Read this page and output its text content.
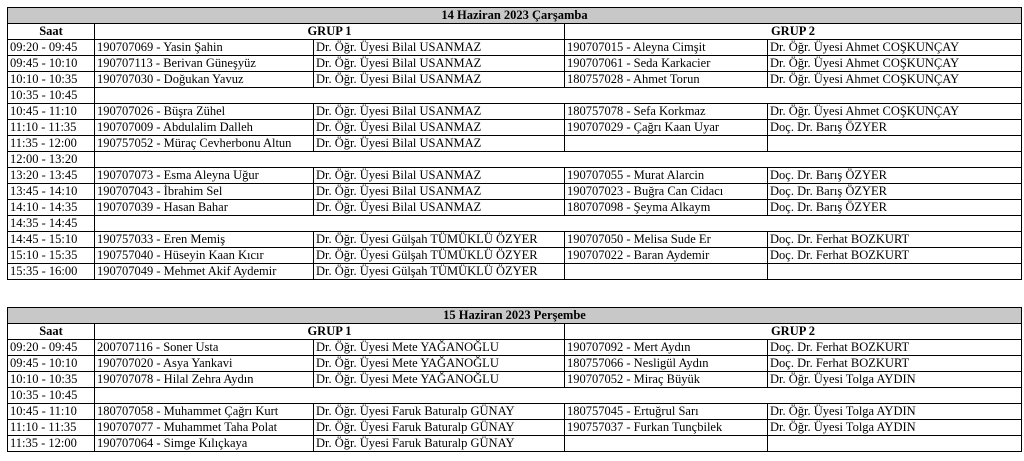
14 Haziran 2023 Çarşamba				
Saat	GRUP 1		GRUP 2	
09:20 - 09:45	190707069 - Yasin Şahin	Dr. Öğr. Üyesi Bilal USANMAZ	190707015 - Aleyna Cimşit	Dr. Öğr. Üyesi Ahmet COŞKUNÇAY
09:45 - 10:10	190707113 - Berivan Güneşyüz	Dr. Öğr. Üyesi Bilal USANMAZ	190707061 - Seda Karkacier	Dr. Öğr. Üyesi Ahmet COŞKUNÇAY
10:10 - 10:35	190707030 - Doğukan Yavuz	Dr. Öğr. Üyesi Bilal USANMAZ	180757028 - Ahmet Torun	Dr. Öğr. Üyesi Ahmet COŞKUNÇAY
10:35 - 10:45				
10:45 - 11:10	190707026 - Büşra Zühel	Dr. Öğr. Üyesi Bilal USANMAZ	180757078 - Sefa Korkmaz	Dr. Öğr. Üyesi Ahmet COŞKUNÇAY
11:10 - 11:35	190707009 - Abdulalim Dalleh	Dr. Öğr. Üyesi Bilal USANMAZ	190707029 - Çağrı Kaan Uyar	Doç. Dr. Barış ÖZYER
11:35 - 12:00	190757052 - Müraç Cevherbonu Altun	Dr. Öğr. Üyesi Bilal USANMAZ		
12:00 - 13:20				
13:20 - 13:45	190707073 - Esma Aleyna Uğur	Dr. Öğr. Üyesi Bilal USANMAZ	190707055 - Murat Alarcin	Doç. Dr. Barış ÖZYER
13:45 - 14:10	190707043 - İbrahim Sel	Dr. Öğr. Üyesi Bilal USANMAZ	190707023 - Buğra Can Cidacı	Doç. Dr. Barış ÖZYER
14:10 - 14:35	190707039 - Hasan Bahar	Dr. Öğr. Üyesi Bilal USANMAZ	180707098 - Şeyma Alkaym	Doç. Dr. Barış ÖZYER
14:35 - 14:45				
14:45 - 15:10	190757033 - Eren Memiş	Dr. Öğr. Üyesi Gülşah TÜMÜKLÜ ÖZYER	190707050 - Melisa Sude Er	Doç. Dr. Ferhat BOZKURT
15:10 - 15:35	190757040 - Hüseyin Kaan Kıcır	Dr. Öğr. Üyesi Gülşah TÜMÜKLÜ ÖZYER	190707022 - Baran Aydemir	Doç. Dr. Ferhat BOZKURT
15:35 - 16:00	190707049 - Mehmet Akif Aydemir	Dr. Öğr. Üyesi Gülşah TÜMÜKLÜ ÖZYER		
15 Haziran 2023 Perşembe				
Saat	GRUP 1		GRUP 2	
09:20 - 09:45	200707116 - Soner Usta	Dr. Öğr. Üyesi Mete YAĞANOĞLU	190707092 - Mert Aydın	Doç. Dr. Ferhat BOZKURT
09:45 - 10:10	190707020 - Asya Yankavi	Dr. Öğr. Üyesi Mete YAĞANOĞLU	180757066 - Nesligül Aydın	Doç. Dr. Ferhat BOZKURT
10:10 - 10:35	190707078 - Hilal Zehra Aydın	Dr. Öğr. Üyesi Mete YAĞANOĞLU	190707052 - Miraç Büyük	Dr. Öğr. Üyesi Tolga AYDIN
10:35 - 10:45				
10:45 - 11:10	180707058 - Muhammet Çağrı Kurt	Dr. Öğr. Üyesi Faruk Baturalp GÜNAY	180757045 - Ertuğrul Sarı	Dr. Öğr. Üyesi Tolga AYDIN
11:10 - 11:35	190707077 - Muhammet Taha Polat	Dr. Öğr. Üyesi Faruk Baturalp GÜNAY	190757037 - Furkan Tunçbilek	Dr. Öğr. Üyesi Tolga AYDIN
11:35 - 12:00	190707064 - Simge Kılıçkaya	Dr. Öğr. Üyesi Faruk Baturalp GÜNAY		
